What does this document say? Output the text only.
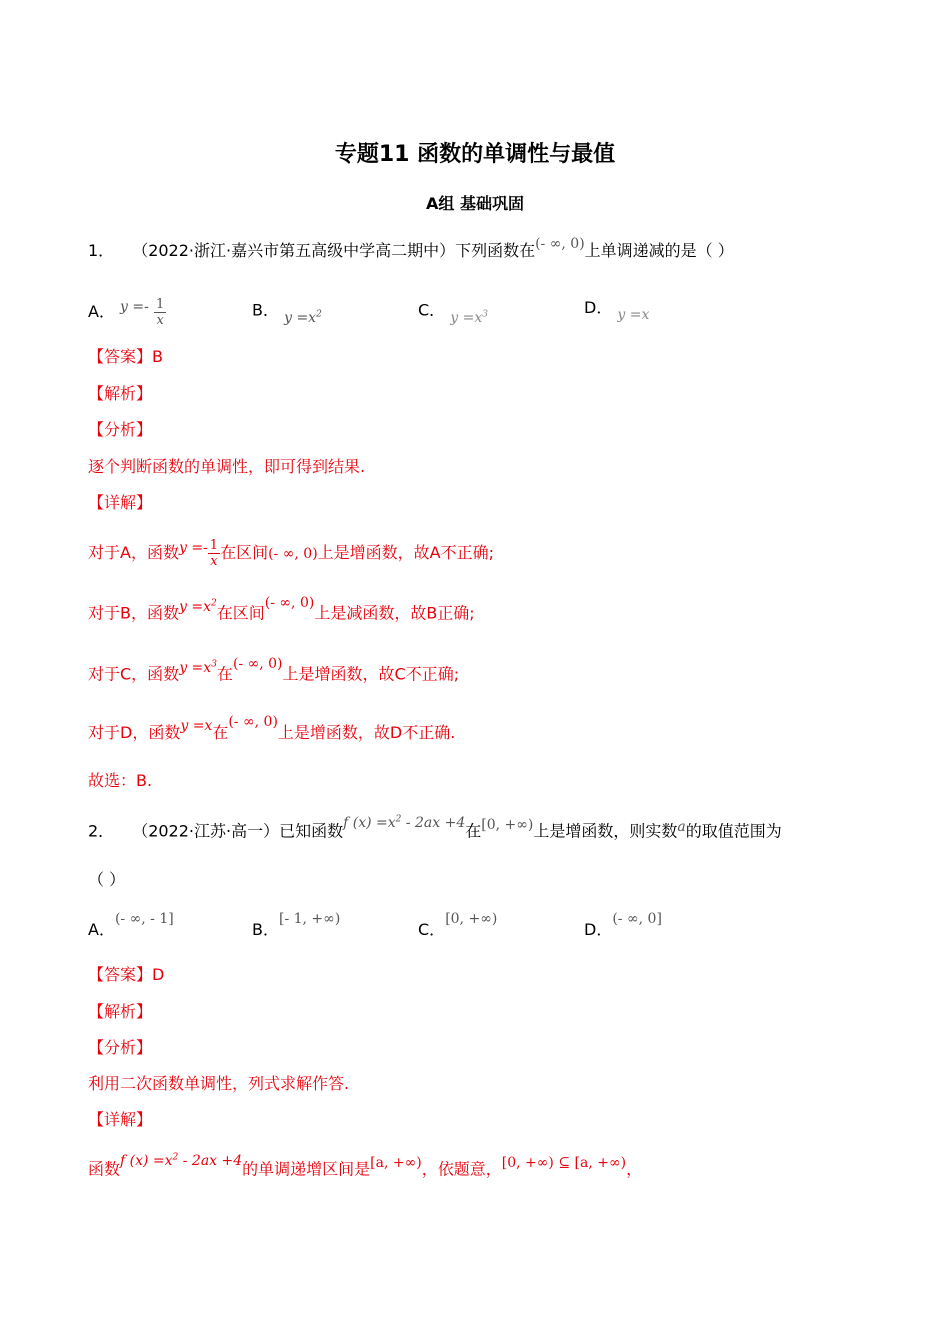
专题11 函数的单调性与最值
A组 基础巩固
1． （2022·浙江·嘉兴市第五高级中学高二期中）下列函数在(- ∞, 0)上单调递减的是（ ）
A． $y =- \frac{1}{x}$	B． $y =x^2$	C． $y =x^3$	D． y =x
【答案】B
【解析】
【分析】
逐个判断函数的单调性，即可得到结果.
【详解】
对于A，函数$y =- \frac{1}{x}$ 在区间(- ∞, 0)上是增函数，故A不正确;
对于B，函数$y =x^2$在区间(- ∞, 0)上是减函数，故B正确;
对于C，函数$y =x^3$在(- ∞, 0)上是增函数，故C不正确;
对于D，函数y =x在(- ∞, 0)上是增函数，故D不正确.
故选：B.
2． （2022·江苏·高一）已知函数f $(x) =x^2 - 2ax +4$在[0, +∞)上是增函数，则实数a的取值范围为
（ ）
A．(- ∞, - 1]
B．[- 1, +∞)
C．[0, +∞)
D．(- ∞, 0]
【答案】D
【解析】
【分析】
利用二次函数单调性，列式求解作答.
【详解】
函数f $(x) =x^2 - 2ax +4$的单调递增区间是[a, +∞)，依题意，[0, +∞) ⊆ [a, +∞)，
